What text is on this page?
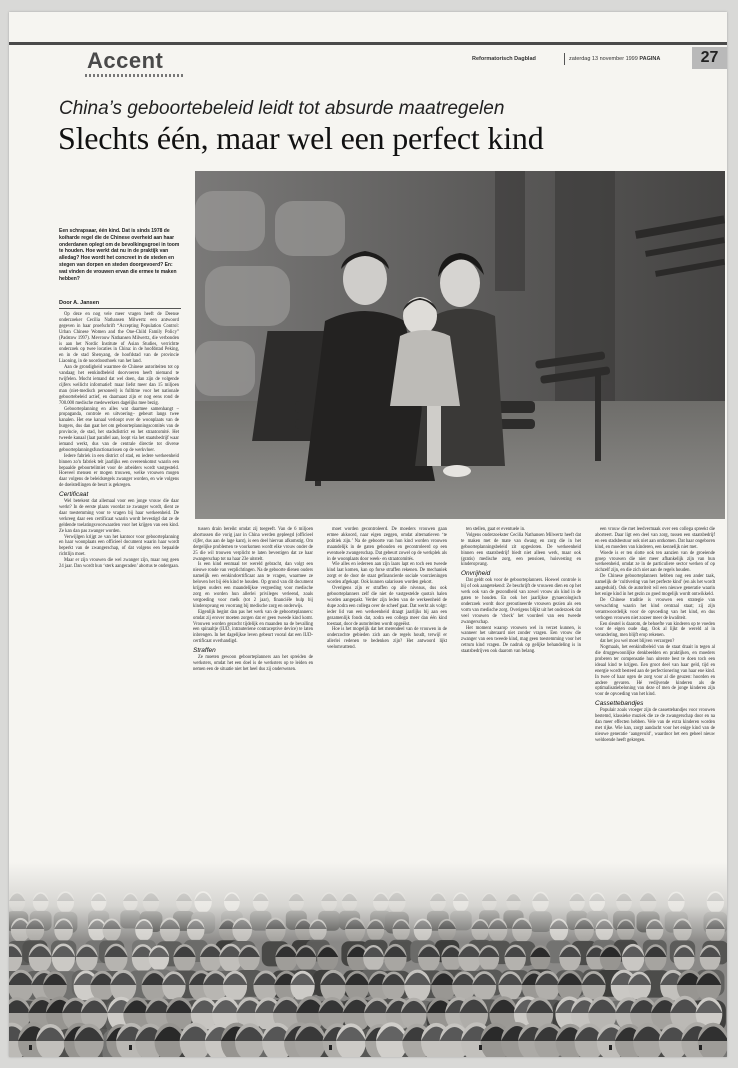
Accent	Reformatorisch Dagblad	zaterdag 13 november 1999 PAGINA	27
China’s geboortebeleid leidt tot absurde maatregelen
Slechts één, maar wel een perfect kind
Een schrapsaar, één kind. Dat is sinds 1978 de koiharde regel die de Chinese overheid aan haar onderdanen oplegt om de bevolkingsgroei in toom te houden. Hoe werkt dat nu in de praktijk van alledag? Hoe wordt het concreet in de steden en stegen van dorpen en steden doorgevoerd? En: wat vinden de vrouwen ervan die ermee te maken hebben?
Door A. Jansen

Op deze en nog vele meer vragen heeft de Deense onderzoeker Cecilia Nathansen Milwertz een antwoord gegeven in haar proefschrift “Accepting Population Control: Urban Chinese Women and the One-Child Family Policy” (Padstow 1997). Mevrouw Nathansen Milwertz, die verbonden is aan het Nordic Institute of Asian Studies, verrichtte onderzoek op twee locaties in China: in de hoofdstad Peking, en in de stad Shenyang, de hoofdstad van de provincie Liaoning, in de noordoosthoek van het land.

Aan de grondigheid waarmee de Chinese autoriteiten tot op vandaag het eenkindbeleid doorvoeren heeft niemand te twijfelen. Mocht iemand dat wel doen, dan zijn de volgende cijfers wellicht informatief: maar liefst meer dan 15 miljoen man (niet-medisch personeel) is fulltime voor het nationale geboortebeleid actief, en daarnaast zijn er nog eens rond de 700.000 medische medewerkers dagelijks mee bezig.

Geboorteplanning en alles wat daarmee samenhangt –propaganda, controle en uitvoering– gebeurt langs twee kanalen. Het ene kanaal verloopt over de woonplaats van de burgers, dus dan gaat het om geboorteplanningscomités van de provincie, de stad, het stadsdistrict en het straatcomité. Het tweede kanaal (laat parallel aan, loopt via het staatsbedrijf waar iemand werkt, dus van de centrale directie tot diverse geboorteplanningsfunctionarissen op de werkvloer.

Iedere fabriek in een district of stad, en iedere werkeenheid binnen zo'n fabriek telt jaarlijks een overeenkomst waarin een bepaalde geboortelimiet voor de arbeiders wordt vastgesteld. Hoeveel mensen er mogen trouwen, welke vrouwen mogen daar volgens de beleidsregels zwanger worden, en wie volgens de doelstellingen de beurt is gekregen.

Certificaat

Wel betekent dat allemaal voor een jonge vrouw die daar werkt? In de eerste plaats voordat ze zwanger wordt, dient ze daar toestemming voor te vragen bij haar werkeenheid. De verkreeg daar een certificaat waarin wordt bevestigd dat ze de geldende toelatingsvoorwaarden voor het krijgen van een kind. Ze kan dan pas zwanger worden.

Verwijlgen krijgt ze van het kantoor voor geboorteplanning en haar woonplaats een officieel document waarin haar wordt beperkt van de zwangerschap, of dat volgens een bepaalde richtlijn moet.

Maar er zijn vrouwen die wel zwanger zijn, maar nog geen 24 jaar. Dan wordt hun ‘sterk aangeraden’ abortus te ondergaan.

tussen drain bereikt omdat zij toegeeft. Van de 6 miljoen abortussen die vorig jaar in China werden gepleegd (officieel cijfer, dus aan de lage kant), is een deel hiervan afkomstig. Om dergelijke problemen te voorkomen wordt elke vrouw onder de 25 die wil trouwen verplicht te laten bevestigen dat ze haar zwangerschap tot na haar 23e uitstelt.

Is een kind eenmaal ter wereld gebracht, dan volgt een nieuwe ronde van verplichtingen. Na de geboorte dienen ouders namelijk een eenkindcertificaat aan te vragen, waarmee ze beloven het bij één kind te houden. Op grond van dit document krijgen ouders een maandelijkse vergoeding voor medische zorg en worden hun allerlei privileges verleend, zoals vergoeding voor melk (tot 2 jaar), financiële hulp bij kinderopvang en voorrang bij medische zorg en onderwijs.

Eigenlijk begint dan pas het werk van de geboorteplanners: omdat zij erover moeten zorgen dat er geen tweede kind komt. Vrouwen worden gezocht tijdelijk en maanden na de bevalling een spiraaltje (IUD, intrauteriene contraceptive device) te laten inbrengen. In het dagelijkse leven gebeurt vooral dat een IUD-certificaat overhandigd.

Straffen

Ze moeten gewoon geboorteplanners aan het spreiden de werksters, omdat het een doel is de werksters op te leiden en nemen een de situatie niet het heel dus zij onderwezen.

moet worden gecontroleerd. De moeders vrouwen gaan ermee akkoord, naar eigen zeggen, omdat alternatieven ‘te politiek zijn.’ Na de geboorte van hun kind worden vrouwen maandelijk in de gaten gehouden en gecontroleerd op een eventuele zwangerschap. Dat gebeurt zowel op de werkplek als in de woonplaats door week- en straatcomités.

Wie alles en iedereen aan zijn laars lapt en toch een tweede kind laat komen, kan op forse straffen rekenen. De mechaniek zorgt er de door de staat gefinancierde sociale voorzieningen worden afgekapt. Ook kunnen salarissen worden gekort.

Overigens zijn er straffen op alle niveaus, dus ook geboorteplanners zelf die niet de vastgestelde quota's halen worden aangepakt. Verder zijn leden van de werkeenheid de dupe zodra een collega over de scheef gaat. Dat werkt als volgt: ieder lid van een werkeenheid draagt jaarlijks bij aan een gezamenlijk fonds dat, zodra een collega meer dan één kind toestaat, door de autoriteiten wordt opgeëist.

Hoe is het mogelijk dat het merendeel van de vrouwen in de onderzochte gebieden zich aan de regels houdt, terwijl er allerlei redenen te bedenken zijn? Het antwoord lijkt veelomvattend.

ten stellen, gaat er eventuele in.

Volgens onderzoekster Cecilia Nathansen Milwertz heeft dat te maken met de mate van dwang en zorg die in het geboorteplanningsbeleid zit opgesloten. De werkeenheid binnen een staatsbedrijf biedt niet alleen werk, maar ook (gratis) medische zorg, een pensioen, huisvesting en kinderopvang.

Onvrijheid

Dat geldt ook voor de geboorteplanners. Hoewel controle is bij of ook aangetekend: Ze beschrijft de vrouwen dien en op het werk ook van de gezondheid van zowel vrouw als kind in de gaten te houden. En ook het jaarlijkse gynaecologisch onderzoek wordt door geroutineerde vrouwen gezien als een vorm van medische zorg. Overigens blijkt uit het onderzoek dat veel vrouwen de ‘check’ het voordeel van een tweede zwangerschap.

Het moment waarop vrouwen wel in verzet kunnen, is wanneer het uiteraard niet zonder vragen. Een vrouw die zwanger van een tweede kind, mag geen toestemming voor het cetrum kind vragen. De nadruk op gelijke behandeling is in staatsbedrijven ook daarom van belang.

een vrouw die met leedvermaak over een collega spreekt die aborteert. Daar ligt een deel van zorg, tussen een staatsbedrijf en een stadsbestuur ook niet aan ontkomen. Dat haar ongeboren kind, en moeders van kinderen, een kennelijk niet met.

Woede is er ten slotte ook ten aanzien van de groeiende groep vrouwen die niet meer afhankelijk zijn van hun werkeenheid, omdat ze in de particuliere sector werken of op zichzelf zijn, en die zich niet aan de regels houden.

De Chinese geboorteplanners hebben nog een ander taak, namelijk de ‘cultivering van het perfecte kind’ (en als het wordt aangeduid). Ook de autoriteit wil een nieuwe generatie waarin het enige kind in het gezin zo goed mogelijk wordt ontwikkeld.

De Chinese traditie is vrouwen een strategie van verwachting waarin het kind centraal staat; zij zijn verantwoordelijk voor de opvoeding van het kind, en dus verhogen vrouwen niet zozeer meer de kwaliteit.

Een sleutel is daarom, de behoefte van kinderen op te voeden voor de eigen oude dag. Ook al lijkt de wereld al in verandering, men blijft erop rekenen.

dat het jou wel moet blijven verzorgen?

Nogmaals, het eenkindbeleid van de staat draait in tegen al die druggewoonlijke denkbeelden en praktijken, en moeders proberen ter compensatie hun uiterste best te doen toch een ideaal kind te krijgen. Een groot deel van haar geld, tijd en energie wordt besteed aan de perfectionering van haar ene kind. In twee of haar ogen de zorg voor al die geuzen: hoorden en andere gevaren. Hé vedijvende kinderen als de optimalisatiebeloning van deze of men de jonge kinderen zijn voor de opvoeding van het kind.

Cassettebandjes

Populair zoals vroeger zijn de cassettebandjes voor vrouwen bestemd, klassieke muziek die ze de zwangerschap door en na dan meer effecten hebben. Vele van de extra kinderen worden met rijke. Wie kan, zorgt aandacht voor het enige kind van de nieuwe generatie ‘aangevuld’, waardoor het een geheel nieuw weldoende heeft gekregen.
